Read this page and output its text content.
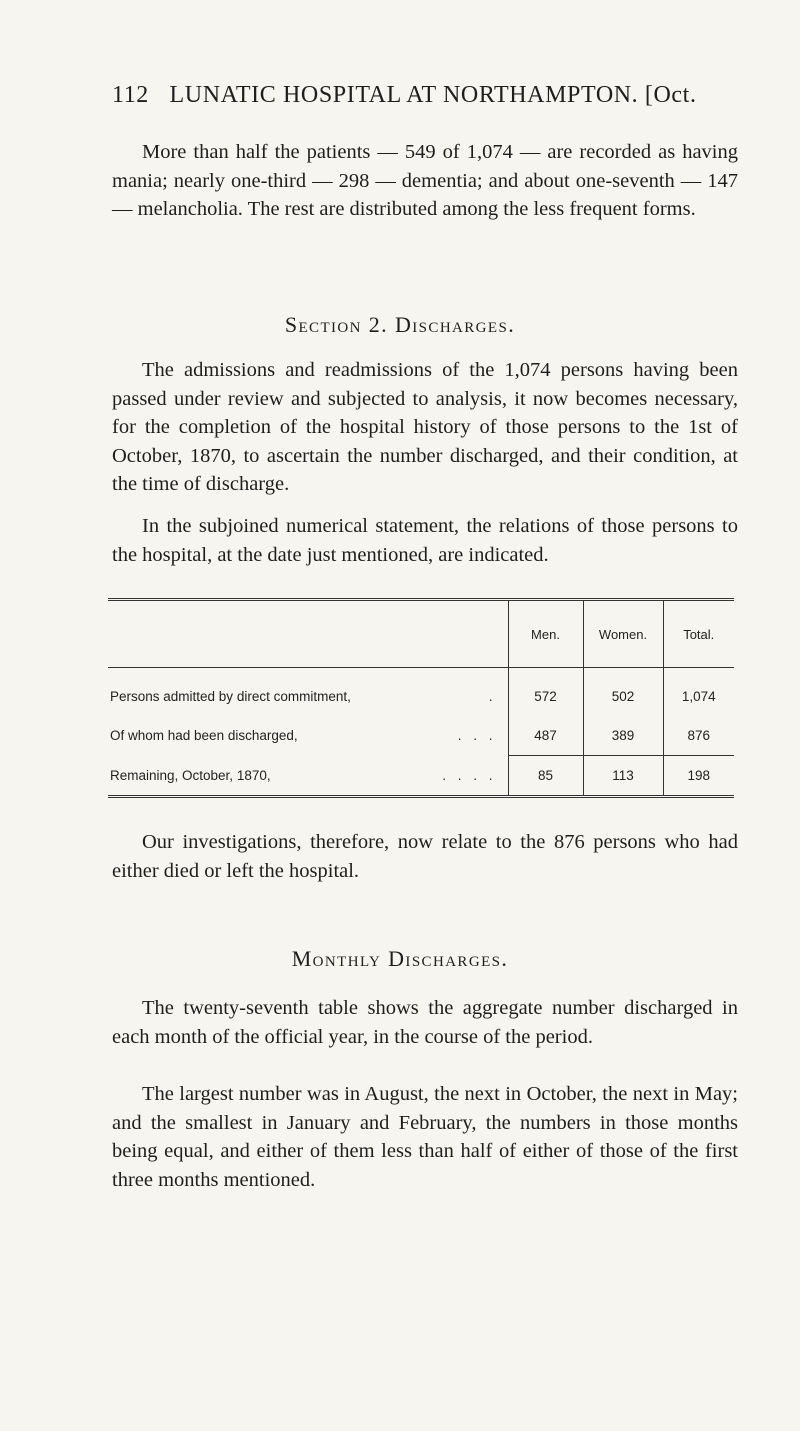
112 LUNATIC HOSPITAL AT NORTHAMPTON. [Oct.

More than half the patients — 549 of 1,074 — are recorded as having mania; nearly one-third — 298 — dementia; and about one-seventh — 147 — melancholia. The rest are distributed among the less frequent forms.

Section 2. Discharges.

The admissions and readmissions of the 1,074 persons having been passed under review and subjected to analysis, it now becomes necessary, for the completion of the hospital history of those persons to the 1st of October, 1870, to ascertain the number discharged, and their condition, at the time of discharge.

In the subjoined numerical statement, the relations of those persons to the hospital, at the date just mentioned, are indicated.

	Men.	Women.	Total.
Persons admitted by direct commitment, .	572	502	1,074
Of whom had been discharged, . . .	487	389	876
Remaining, October, 1870, . . . .	85	113	198

Our investigations, therefore, now relate to the 876 persons who had either died or left the hospital.

Monthly Discharges.

The twenty-seventh table shows the aggregate number discharged in each month of the official year, in the course of the period.

The largest number was in August, the next in October, the next in May; and the smallest in January and February, the numbers in those months being equal, and either of them less than half of either of those of the first three months mentioned.
